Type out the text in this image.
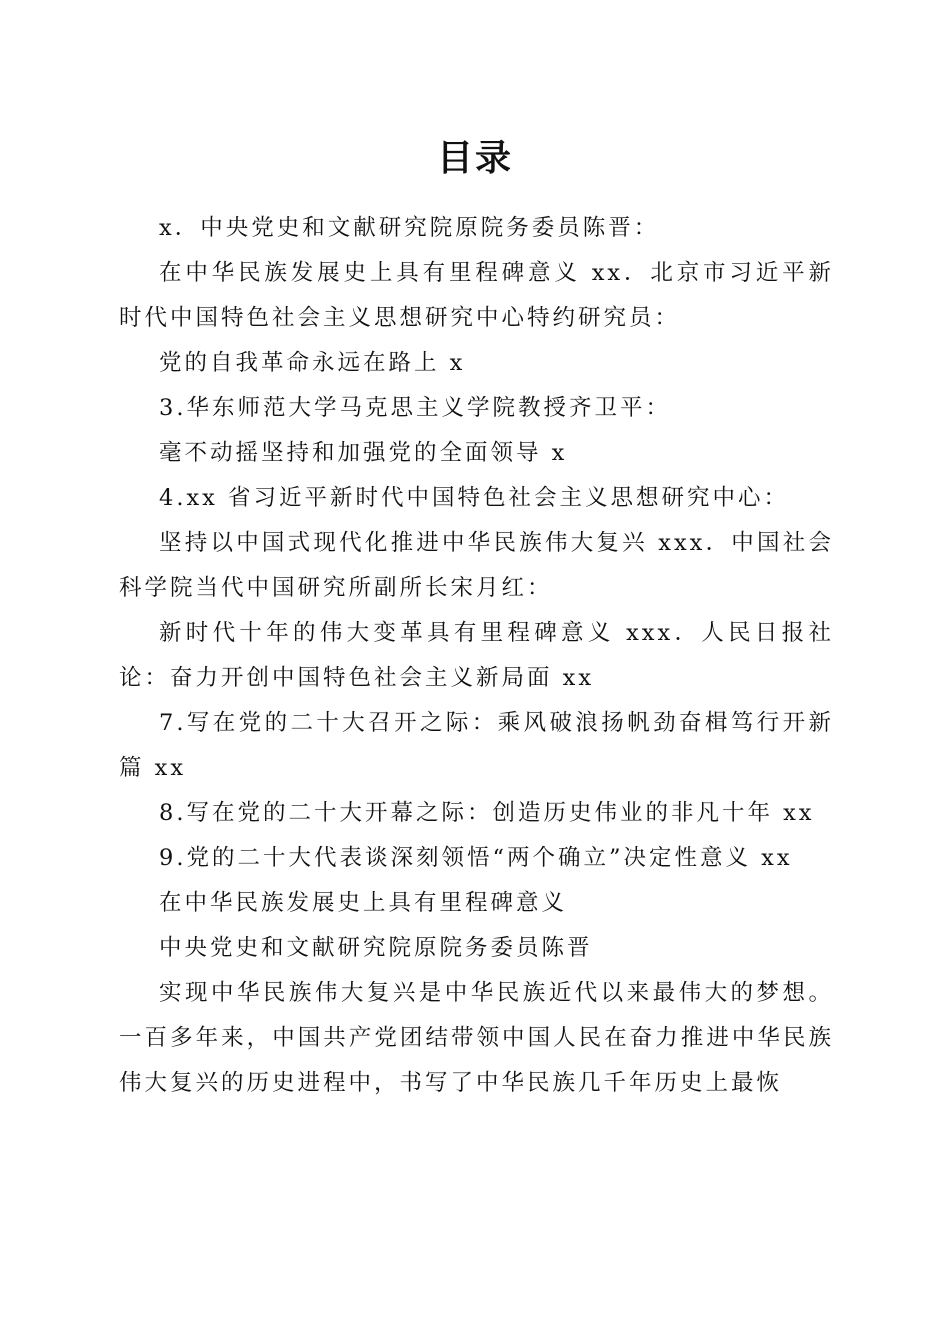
目录

x．中央党史和文献研究院原院务委员陈晋：

在中华民族发展史上具有里程碑意义 xx．北京市习近平新时代中国特色社会主义思想研究中心特约研究员：

党的自我革命永远在路上 x

3.华东师范大学马克思主义学院教授齐卫平：

毫不动摇坚持和加强党的全面领导 x

4.xx 省习近平新时代中国特色社会主义思想研究中心：

坚持以中国式现代化推进中华民族伟大复兴 xxx．中国社会科学院当代中国研究所副所长宋月红：

新时代十年的伟大变革具有里程碑意义 xxx．人民日报社论：奋力开创中国特色社会主义新局面 xx

7.写在党的二十大召开之际：乘风破浪扬帆劲奋楫笃行开新篇 xx

8.写在党的二十大开幕之际：创造历史伟业的非凡十年 xx

9.党的二十大代表谈深刻领悟“两个确立”决定性意义 xx

在中华民族发展史上具有里程碑意义

中央党史和文献研究院原院务委员陈晋

实现中华民族伟大复兴是中华民族近代以来最伟大的梦想。一百多年来，中国共产党团结带领中国人民在奋力推进中华民族伟大复兴的历史进程中，书写了中华民族几千年历史上最恢
